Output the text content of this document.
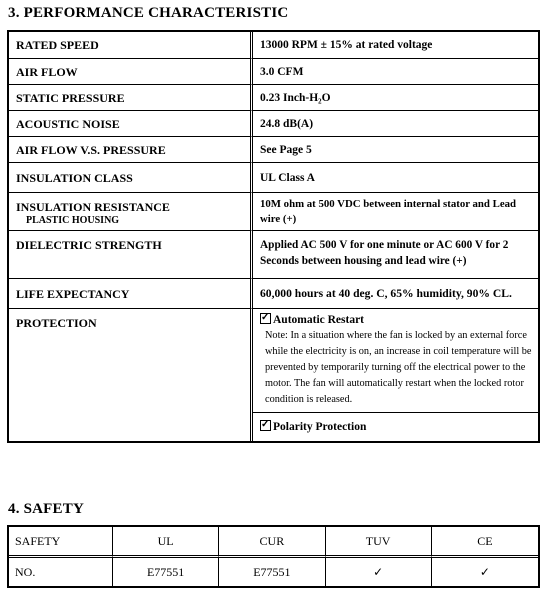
3. PERFORMANCE CHARACTERISTIC
RATED SPEED	13000 RPM ± 15% at rated voltage
AIR FLOW	3.0 CFM
STATIC PRESSURE	0.23 Inch-H₂O
ACOUSTIC NOISE	24.8 dB(A)
AIR FLOW V.S. PRESSURE	See Page 5
INSULATION CLASS	UL Class A
INSULATION RESISTANCE
PLASTIC HOUSING	10M ohm at 500 VDC between internal stator and Lead wire (+)
DIELECTRIC STRENGTH	Applied AC 500 V for one minute or AC 600 V for 2 Seconds between housing and lead wire (+)
LIFE EXPECTANCY	60,000 hours at 40 deg. C, 65% humidity, 90% CL.
PROTECTION	
✓Automatic Restart
Note: In a situation where the fan is locked by an external force while the electricity is on, an increase in coil temperature will be prevented by temporarily turning off the electrical power to the motor. The fan will automatically restart when the locked rotor condition is released.
✓Polarity Protection
4. SAFETY
SAFETY	UL	CUR	TUV	CE
NO.	E77551	E77551	✓	✓
